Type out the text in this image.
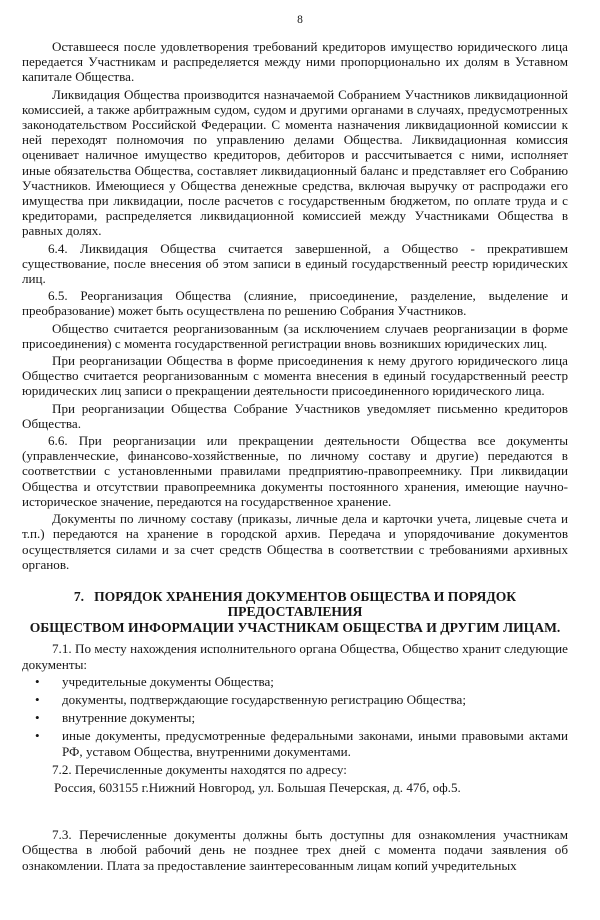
8

Оставшееся после удовлетворения требований кредиторов имущество юридического лица передается Участникам и распределяется между ними пропорционально их долям в Уставном капитале Общества.

Ликвидация Общества производится назначаемой Собранием Участников ликвидационной комиссией, а также арбитражным судом, судом и другими органами в случаях, предусмотренных законодательством Российской Федерации. С момента назначения ликвидационной комиссии к ней переходят полномочия по управлению делами Общества. Ликвидационная комиссия оценивает наличное имущество кредиторов, дебиторов и рассчитывается с ними, исполняет иные обязательства Общества, составляет ликвидационный баланс и представляет его Собранию Участников. Имеющиеся у Общества денежные средства, включая выручку от распродажи его имущества при ликвидации, после расчетов с государственным бюджетом, по оплате труда и с кредиторами, распределяется ликвидационной комиссией между Участниками Общества в равных долях.

6.4. Ликвидация Общества считается завершенной, а Общество - прекратившем существование, после внесения об этом записи в единый государственный реестр юридических лиц.

6.5. Реорганизация Общества (слияние, присоединение, разделение, выделение и преобразование) может быть осуществлена по решению Собрания Участников.

Общество считается реорганизованным (за исключением случаев реорганизации в форме присоединения) с момента государственной регистрации вновь возникших юридических лиц.

При реорганизации Общества в форме присоединения к нему другого юридического лица Общество считается реорганизованным с момента внесения в единый государственный реестр юридических лиц записи о прекращении деятельности присоединенного юридического лица.

При реорганизации Общества Собрание Участников уведомляет письменно кредиторов Общества.

6.6. При реорганизации или прекращении деятельности Общества все документы (управленческие, финансово-хозяйственные, по личному составу и другие) передаются в соответствии с установленными правилами предприятию-правопреемнику. При ликвидации Общества и отсутствии правопреемника документы постоянного хранения, имеющие научно-историческое значение, передаются на государственное хранение.

Документы по личному составу (приказы, личные дела и карточки учета, лицевые счета и т.п.) передаются на хранение в городской архив. Передача и упорядочивание документов осуществляется силами и за счет средств Общества в соответствии с требованиями архивных органов.

7. ПОРЯДОК ХРАНЕНИЯ ДОКУМЕНТОВ ОБЩЕСТВА И ПОРЯДОК
ПРЕДОСТАВЛЕНИЯ
ОБЩЕСТВОМ ИНФОРМАЦИИ УЧАСТНИКАМ ОБЩЕСТВА И ДРУГИМ ЛИЦАМ.

7.1. По месту нахождения исполнительного органа Общества, Общество хранит следующие документы:

• учредительные документы Общества;
• документы, подтверждающие государственную регистрацию Общества;
• внутренние документы;
• иные документы, предусмотренные федеральными законами, иными правовыми актами РФ, уставом Общества, внутренними документами.

7.2. Перечисленные документы находятся по адресу:

Россия, 603155 г.Нижний Новгород, ул. Большая Печерская, д. 47б, оф.5.

7.3. Перечисленные документы должны быть доступны для ознакомления участникам Общества в любой рабочий день не позднее трех дней с момента подачи заявления об ознакомлении. Плата за предоставление заинтересованным лицам копий учредительных
